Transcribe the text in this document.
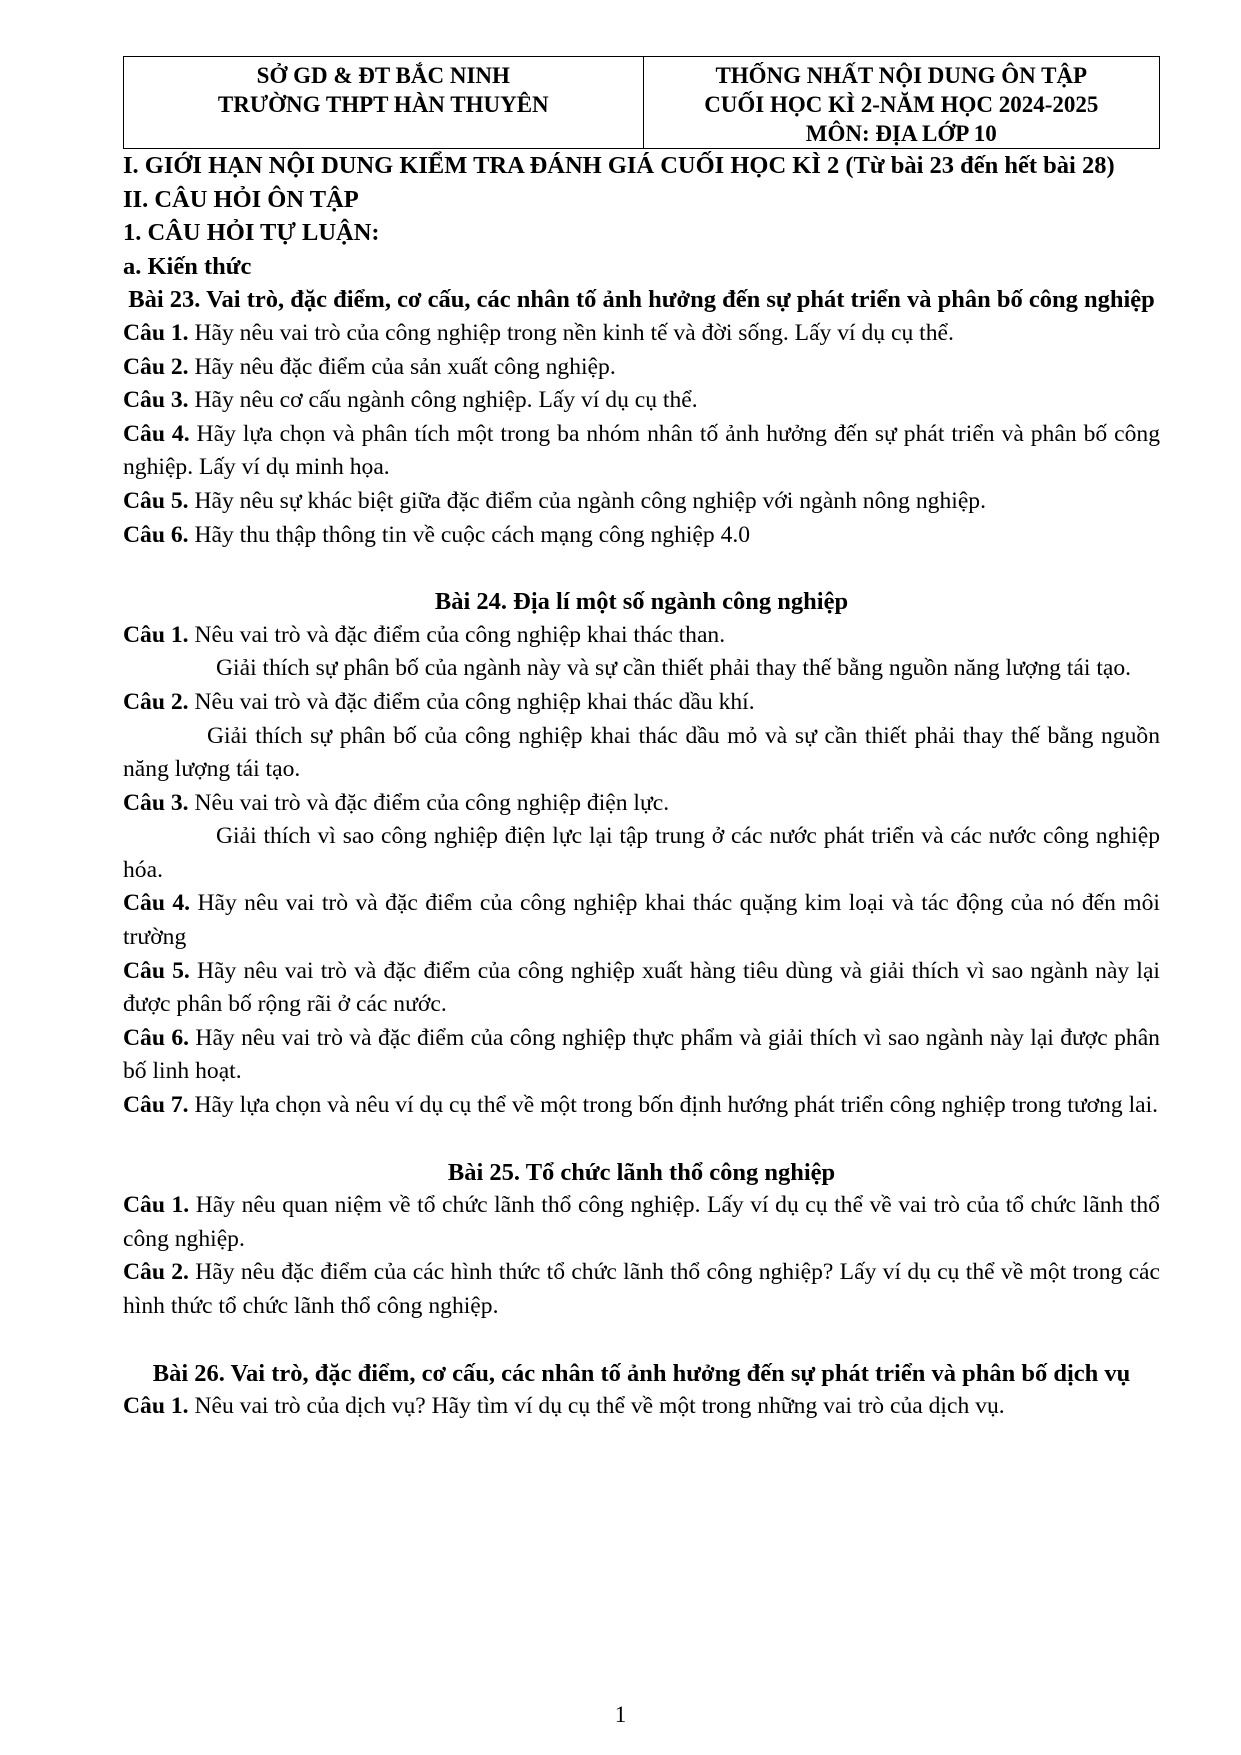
SỞ GD & ĐT BẮC NINH
TRƯỜNG THPT HÀN THUYÊN

THỐNG NHẤT NỘI DUNG ÔN TẬP
CUỐI HỌC KÌ 2-NĂM HỌC 2024-2025
MÔN: ĐỊA LỚP 10

I. GIỚI HẠN NỘI DUNG KIỂM TRA ĐÁNH GIÁ CUỐI HỌC KÌ 2 (Từ bài 23 đến hết bài 28)

II. CÂU HỎI ÔN TẬP

1. CÂU HỎI TỰ LUẬN:

a. Kiến thức

Bài 23. Vai trò, đặc điểm, cơ cấu, các nhân tố ảnh hưởng đến sự phát triển và phân bố công nghiệp

Câu 1. Hãy nêu vai trò của công nghiệp trong nền kinh tế và đời sống. Lấy ví dụ cụ thể.

Câu 2. Hãy nêu đặc điểm của sản xuất công nghiệp.

Câu 3. Hãy nêu cơ cấu ngành công nghiệp. Lấy ví dụ cụ thể.

Câu 4. Hãy lựa chọn và phân tích một trong ba nhóm nhân tố ảnh hưởng đến sự phát triển và phân bố công nghiệp. Lấy ví dụ minh họa.

Câu 5. Hãy nêu sự khác biệt giữa đặc điểm của ngành công nghiệp với ngành nông nghiệp.

Câu 6. Hãy thu thập thông tin về cuộc cách mạng công nghiệp 4.0

Bài 24. Địa lí một số ngành công nghiệp

Câu 1. Nêu vai trò và đặc điểm của công nghiệp khai thác than.

Giải thích sự phân bố của ngành này và sự cần thiết phải thay thế bằng nguồn năng lượng tái tạo.

Câu 2. Nêu vai trò và đặc điểm của công nghiệp khai thác dầu khí.

Giải thích sự phân bố của công nghiệp khai thác dầu mỏ và sự cần thiết phải thay thế bằng nguồn năng lượng tái tạo.

Câu 3. Nêu vai trò và đặc điểm của công nghiệp điện lực.

Giải thích vì sao công nghiệp điện lực lại tập trung ở các nước phát triển và các nước công nghiệp hóa.

Câu 4. Hãy nêu vai trò và đặc điểm của công nghiệp khai thác quặng kim loại và tác động của nó đến môi trường

Câu 5. Hãy nêu vai trò và đặc điểm của công nghiệp xuất hàng tiêu dùng và giải thích vì sao ngành này lại được phân bố rộng rãi ở các nước.

Câu 6. Hãy nêu vai trò và đặc điểm của công nghiệp thực phẩm và giải thích vì sao ngành này lại được phân bố linh hoạt.

Câu 7. Hãy lựa chọn và nêu ví dụ cụ thể về một trong bốn định hướng phát triển công nghiệp trong tương lai.

Bài 25. Tổ chức lãnh thổ công nghiệp

Câu 1. Hãy nêu quan niệm về tổ chức lãnh thổ công nghiệp. Lấy ví dụ cụ thể về vai trò của tổ chức lãnh thổ công nghiệp.

Câu 2. Hãy nêu đặc điểm của các hình thức tổ chức lãnh thổ công nghiệp? Lấy ví dụ cụ thể về một trong các hình thức tổ chức lãnh thổ công nghiệp.

Bài 26. Vai trò, đặc điểm, cơ cấu, các nhân tố ảnh hưởng đến sự phát triển và phân bố dịch vụ

Câu 1. Nêu vai trò của dịch vụ? Hãy tìm ví dụ cụ thể về một trong những vai trò của dịch vụ.

1
